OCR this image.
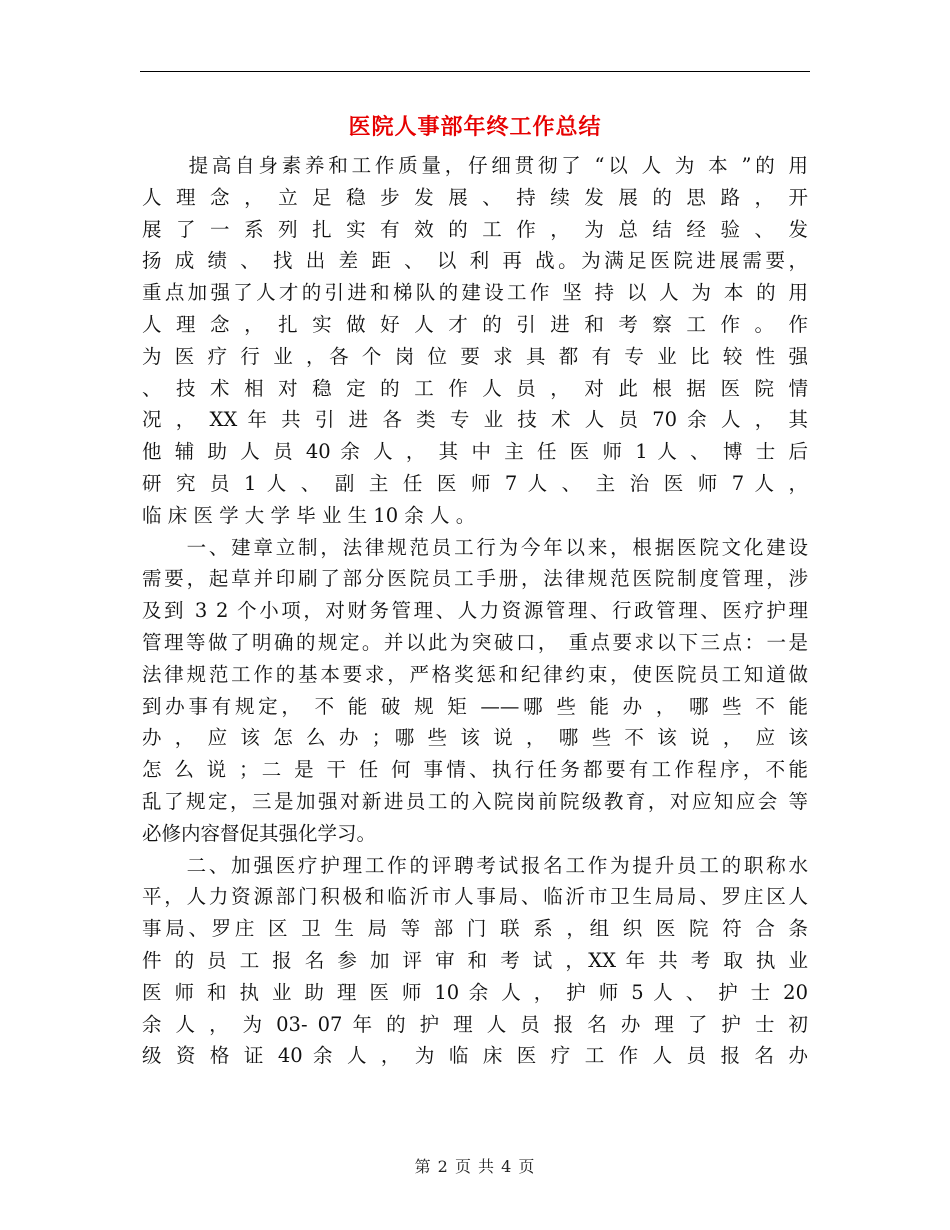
医院人事部年终工作总结
　　提高自身素养和工作质量，仔细贯彻了 “以 人 为 本 ”的 用
人 理 念 ， 立 足 稳 步 发 展 、 持 续 发 展 的 思 路 ， 开
展 了 一 系 列 扎 实 有 效 的 工 作 ， 为 总 结 经 验 、 发
扬 成 绩 、 找 出 差 距 、 以 利 再 战。为满足医院进展需要，
重点加强了人才的引进和梯队的建设工作 坚 持 以 人 为 本 的 用
人 理 念 ， 扎 实 做 好 人 才 的 引 进 和 考 察 工 作 。 作
为 医 疗 行 业 ，各 个 岗 位 要 求 具 都 有 专 业 比 较 性 强
、 技 术 相 对 稳 定 的 工 作 人 员 ， 对 此 根 据 医 院 情
况 ， XX 年 共 引 进 各 类 专 业 技 术 人 员 70 余 人 ， 其
他 辅 助 人 员 40 余 人 ， 其 中 主 任 医 师 1 人 、 博 士 后
研 究 员 1 人 、 副 主 任 医 师 7 人 、 主 治 医 师 7 人 ，
临 床 医 学 大 学 毕 业 生 10 余 人 。
　　一、建章立制，法律规范员工行为今年以来，根据医院文化建设
需要，起草并印刷了部分医院员工手册，法律规范医院制度管理，涉
及到 3 2 个小项，对财务管理、人力资源管理、行政管理、医疗护理
管理等做了明确的规定。并以此为突破口， 重点要求以下三点：一是
法律规范工作的基本要求，严格奖惩和纪律约束，使医院员工知道做
到办事有规定， 不 能 破 规 矩 ——哪 些 能 办 ， 哪 些 不 能
办 ， 应 该 怎 么 办 ；哪 些 该 说 ， 哪 些 不 该 说 ， 应 该
怎 么 说 ；二 是 干 任 何 事情、执行任务都要有工作程序，不能
乱了规定，三是加强对新进员工的入院岗前院级教育，对应知应会 等
必修内容督促其强化学习。
　　二、加强医疗护理工作的评聘考试报名工作为提升员工的职称水
平，人力资源部门积极和临沂市人事局、临沂市卫生局局、罗庄区人
事局、罗庄 区 卫 生 局 等 部 门 联 系 ，组 织 医 院 符 合 条
件 的 员 工 报 名 参 加 评 审 和 考 试 ，XX 年 共 考 取 执 业
医 师 和 执 业 助 理 医 师 10 余 人 ， 护 师 5 人 、 护 士 20
余 人 ， 为 03- 07 年 的 护 理 人 员 报 名 办 理 了 护 士 初
级 资 格 证 40 余 人 ， 为 临 床 医 疗 工 作 人 员 报 名 办
第 2 页 共 4 页
